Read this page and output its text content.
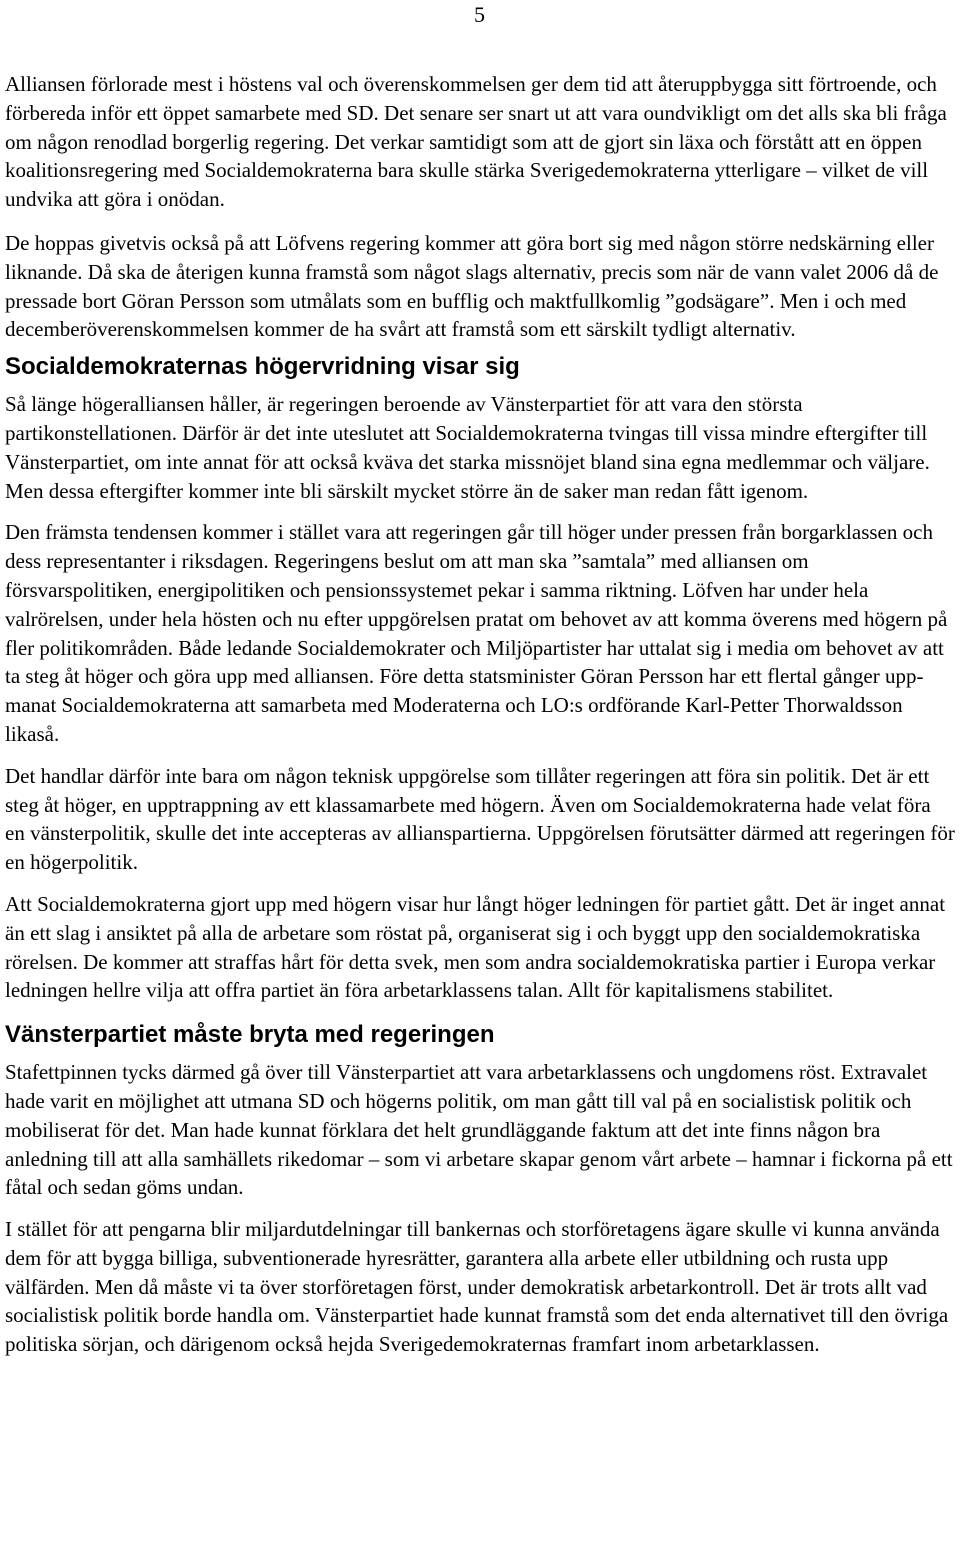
5

Alliansen förlorade mest i höstens val och överenskommelsen ger dem tid att återuppbygga sitt förtroende, och förbereda inför ett öppet samarbete med SD. Det senare ser snart ut att vara oundvikligt om det alls ska bli fråga om någon renodlad borgerlig regering. Det verkar samtidigt som att de gjort sin läxa och förstått att en öppen koalitionsregering med Socialdemokraterna bara skulle stärka Sverigedemokraterna ytterligare – vilket de vill undvika att göra i onödan.

De hoppas givetvis också på att Löfvens regering kommer att göra bort sig med någon större nedskärning eller liknande. Då ska de återigen kunna framstå som något slags alternativ, precis som när de vann valet 2006 då de pressade bort Göran Persson som utmålats som en bufflig och maktfullkomlig ”godsägare”. Men i och med decemberöverenskommelsen kommer de ha svårt att framstå som ett särskilt tydligt alternativ.

Socialdemokraternas högervridning visar sig

Så länge högeralliansen håller, är regeringen beroende av Vänsterpartiet för att vara den största partikonstellationen. Därför är det inte uteslutet att Socialdemokraterna tvingas till vissa mindre eftergifter till Vänsterpartiet, om inte annat för att också kväva det starka missnöjet bland sina egna medlemmar och väljare. Men dessa eftergifter kommer inte bli särskilt mycket större än de saker man redan fått igenom.

Den främsta tendensen kommer i stället vara att regeringen går till höger under pressen från borgarklassen och dess representanter i riksdagen. Regeringens beslut om att man ska ”samtala” med alliansen om försvarspolitiken, energipolitiken och pensionssystemet pekar i samma riktning. Löfven har under hela valrörelsen, under hela hösten och nu efter uppgörelsen pratat om behovet av att komma överens med högern på fler politikområden. Både ledande Socialdemokrater och Miljöpartister har uttalat sig i media om behovet av att ta steg åt höger och göra upp med alliansen. Före detta statsminister Göran Persson har ett flertal gånger uppmanat Socialdemokraterna att samarbeta med Moderaterna och LO:s ordförande Karl-Petter Thorwaldsson likaså.

Det handlar därför inte bara om någon teknisk uppgörelse som tillåter regeringen att föra sin politik. Det är ett steg åt höger, en upptrappning av ett klassamarbete med högern. Även om Socialdemokraterna hade velat föra en vänsterpolitik, skulle det inte accepteras av allianspartierna. Uppgörelsen förutsätter därmed att regeringen för en högerpolitik.

Att Socialdemokraterna gjort upp med högern visar hur långt höger ledningen för partiet gått. Det är inget annat än ett slag i ansiktet på alla de arbetare som röstat på, organiserat sig i och byggt upp den socialdemokratiska rörelsen. De kommer att straffas hårt för detta svek, men som andra socialdemokratiska partier i Europa verkar ledningen hellre vilja att offra partiet än föra arbetarklassens talan. Allt för kapitalismens stabilitet.

Vänsterpartiet måste bryta med regeringen

Stafettpinnen tycks därmed gå över till Vänsterpartiet att vara arbetarklassens och ungdomens röst. Extravalet hade varit en möjlighet att utmana SD och högerns politik, om man gått till val på en socialistisk politik och mobiliserat för det. Man hade kunnat förklara det helt grundläggande faktum att det inte finns någon bra anledning till att alla samhällets rikedomar – som vi arbetare skapar genom vårt arbete – hamnar i fickorna på ett fåtal och sedan göms undan.

I stället för att pengarna blir miljardutdelningar till bankernas och storföretagens ägare skulle vi kunna använda dem för att bygga billiga, subventionerade hyresrätter, garantera alla arbete eller utbildning och rusta upp välfärden. Men då måste vi ta över storföretagen först, under demokratisk arbetarkontroll. Det är trots allt vad socialistisk politik borde handla om. Vänsterpartiet hade kunnat framstå som det enda alternativet till den övriga politiska sörjan, och därigenom också hejda Sverigedemokraternas framfart inom arbetarklassen.
